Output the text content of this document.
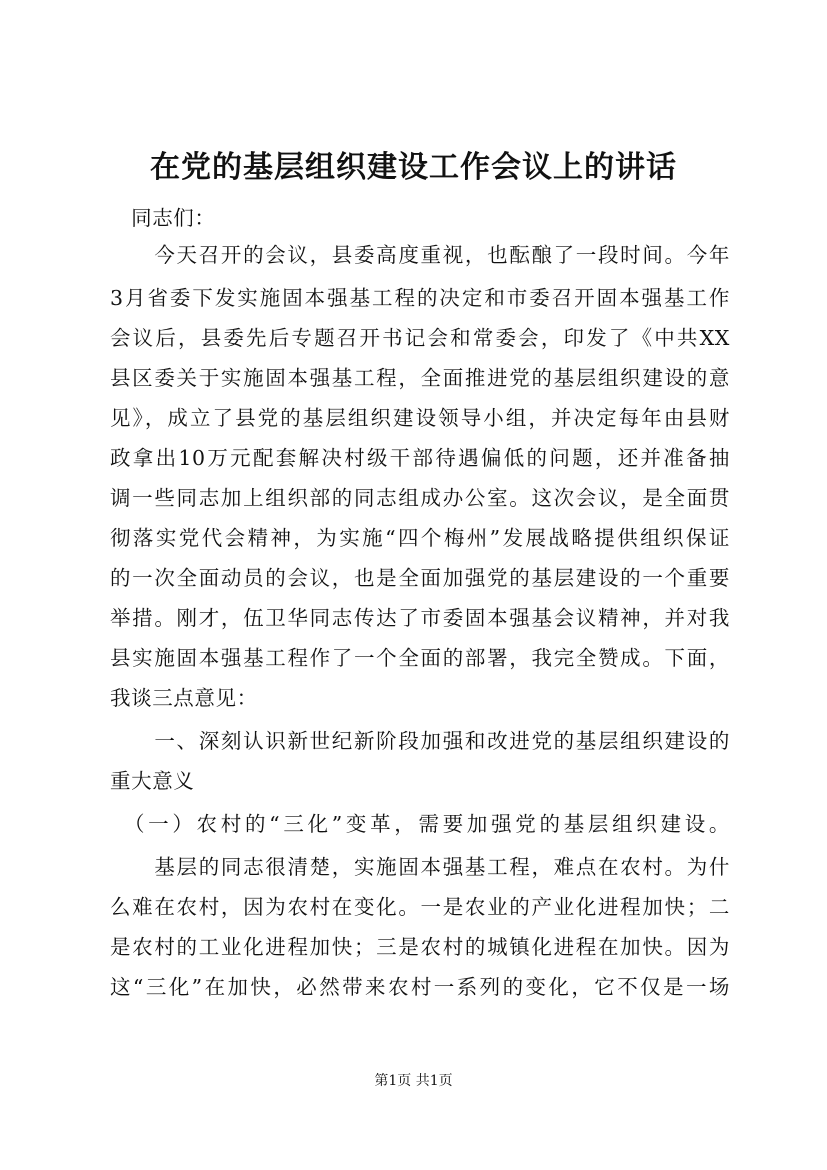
在党的基层组织建设工作会议上的讲话
　同志们：
　　今天召开的会议，县委高度重视，也酝酿了一段时间。今年
3月省委下发实施固本强基工程的决定和市委召开固本强基工作
会议后，县委先后专题召开书记会和常委会，印发了《中共XX
县区委关于实施固本强基工程，全面推进党的基层组织建设的意
见》，成立了县党的基层组织建设领导小组，并决定每年由县财
政拿出10万元配套解决村级干部待遇偏低的问题，还并准备抽
调一些同志加上组织部的同志组成办公室。这次会议，是全面贯
彻落实党代会精神，为实施“四个梅州”发展战略提供组织保证
的一次全面动员的会议，也是全面加强党的基层建设的一个重要
举措。刚才，伍卫华同志传达了市委固本强基会议精神，并对我
县实施固本强基工程作了一个全面的部署，我完全赞成。下面，
我谈三点意见：
　　一、深刻认识新世纪新阶段加强和改进党的基层组织建设的
重大意义
　（一）农村的“三化”变革，需要加强党的基层组织建设。
　　基层的同志很清楚，实施固本强基工程，难点在农村。为什
么难在农村，因为农村在变化。一是农业的产业化进程加快；二
是农村的工业化进程加快；三是农村的城镇化进程在加快。因为
这“三化”在加快，必然带来农村一系列的变化，它不仅是一场
第1页 共1页
